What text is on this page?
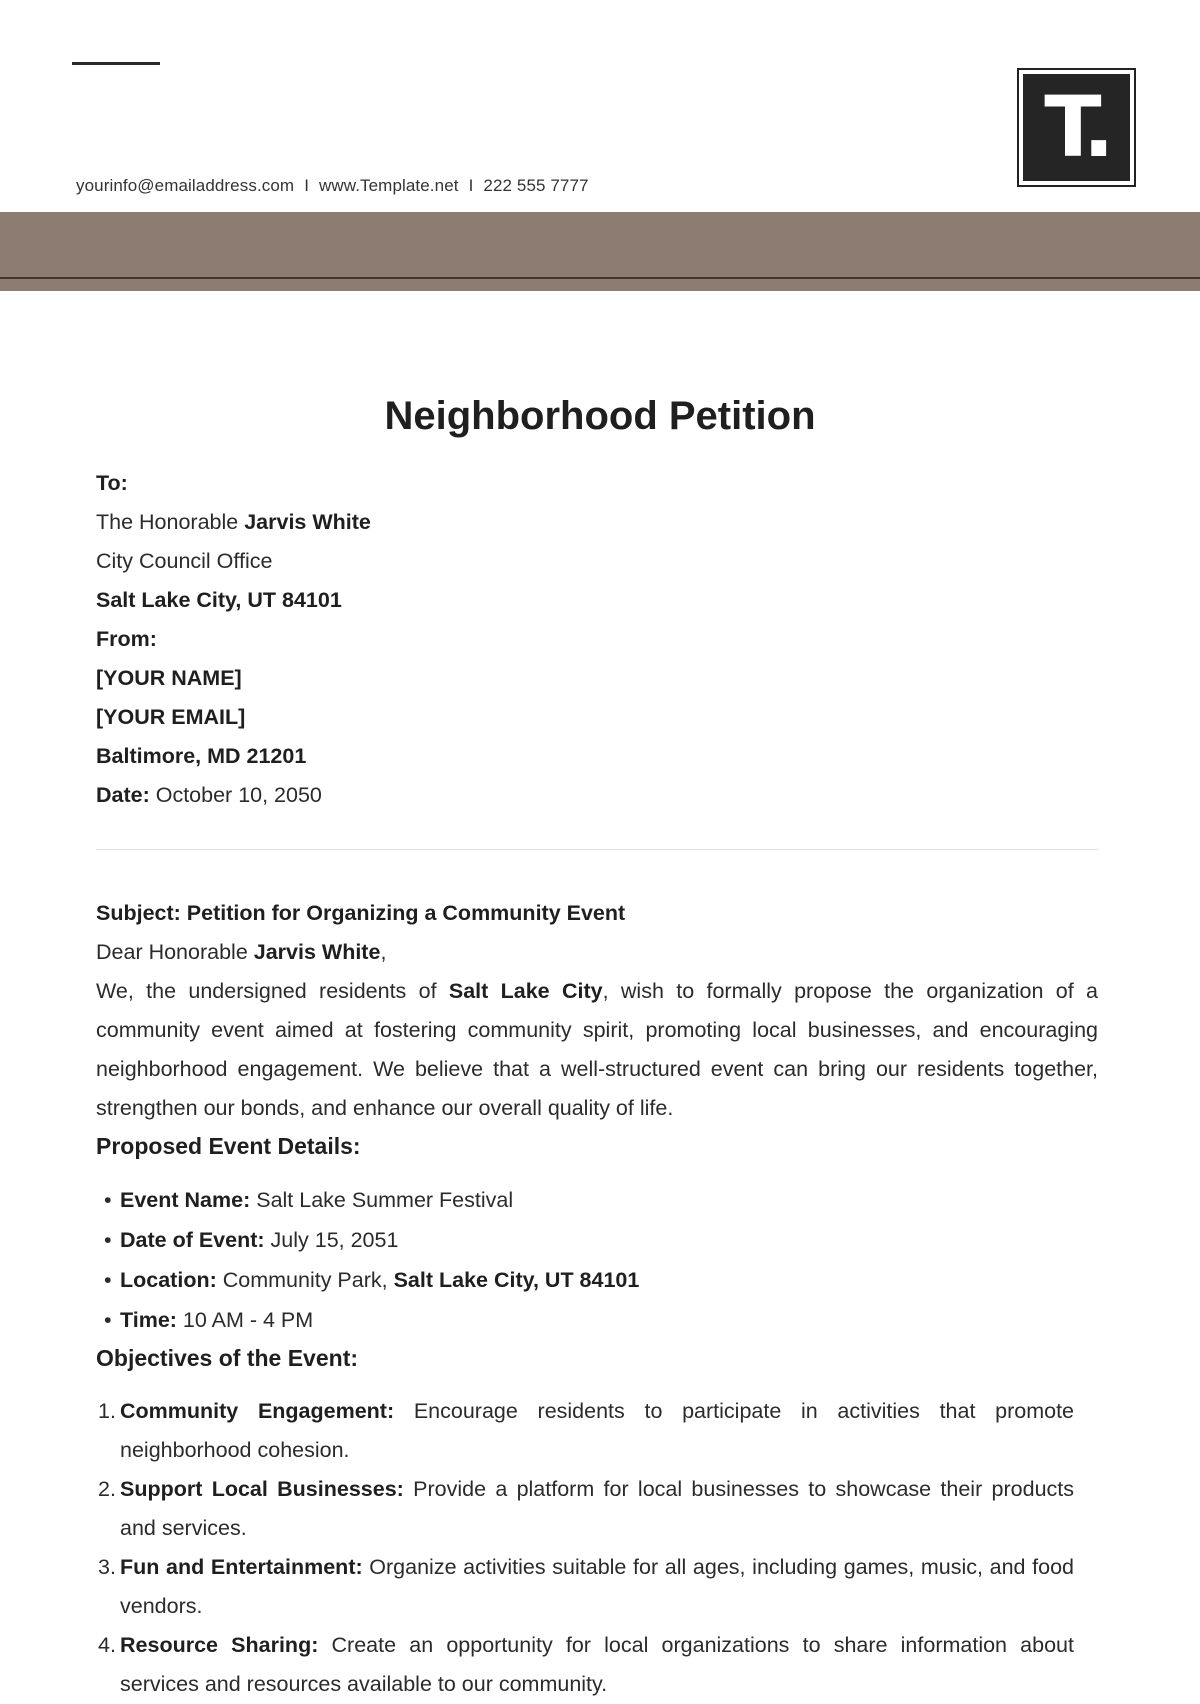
yourinfo@emailaddress.com I www.Template.net I 222 555 7777
T.
Neighborhood Petition
To:
The Honorable Jarvis White
City Council Office
Salt Lake City, UT 84101
From:
[YOUR NAME]
[YOUR EMAIL]
Baltimore, MD 21201
Date: October 10, 2050
Subject: Petition for Organizing a Community Event
Dear Honorable Jarvis White,

We, the undersigned residents of Salt Lake City, wish to formally propose the organization of a community event aimed at fostering community spirit, promoting local businesses, and encouraging neighborhood engagement. We believe that a well-structured event can bring our residents together, strengthen our bonds, and enhance our overall quality of life.

Proposed Event Details:
• Event Name: Salt Lake Summer Festival
• Date of Event: July 15, 2051
• Location: Community Park, Salt Lake City, UT 84101
• Time: 10 AM - 4 PM
Objectives of the Event:
1. Community Engagement: Encourage residents to participate in activities that promote neighborhood cohesion.
2. Support Local Businesses: Provide a platform for local businesses to showcase their products and services.
3. Fun and Entertainment: Organize activities suitable for all ages, including games, music, and food vendors.
4. Resource Sharing: Create an opportunity for local organizations to share information about services and resources available to our community.
